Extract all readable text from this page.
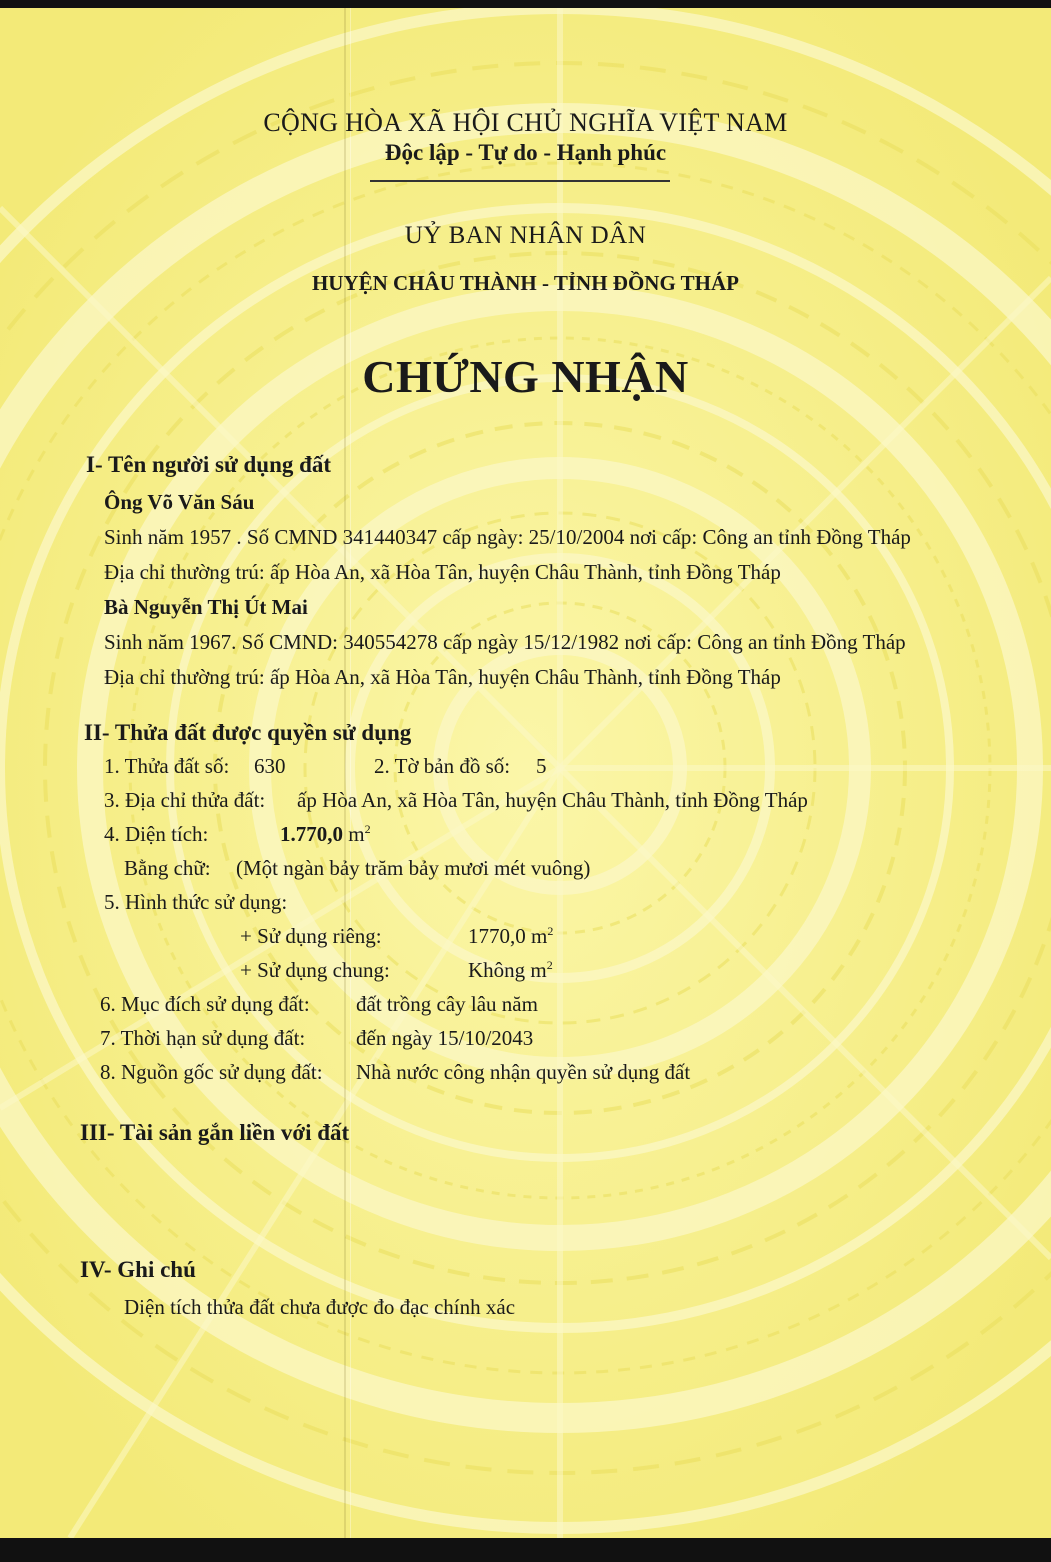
CỘNG HÒA XÃ HỘI CHỦ NGHĨA VIỆT NAM

Độc lập - Tự do - Hạnh phúc

UỶ BAN NHÂN DÂN

HUYỆN CHÂU THÀNH - TỈNH ĐỒNG THÁP

CHỨNG NHẬN

I- Tên người sử dụng đất

Ông Võ Văn Sáu

Sinh năm 1957 . Số CMND 341440347 cấp ngày: 25/10/2004 nơi cấp: Công an tỉnh Đồng Tháp

Địa chỉ thường trú: ấp Hòa An, xã Hòa Tân, huyện Châu Thành, tỉnh Đồng Tháp

Bà Nguyễn Thị Út Mai

Sinh năm 1967. Số CMND: 340554278 cấp ngày 15/12/1982 nơi cấp: Công an tỉnh Đồng Tháp

Địa chỉ thường trú: ấp Hòa An, xã Hòa Tân, huyện Châu Thành, tỉnh Đồng Tháp

II- Thửa đất được quyền sử dụng

1. Thửa đất số: 630	2. Tờ bản đồ số: 5

3. Địa chỉ thửa đất: ấp Hòa An, xã Hòa Tân, huyện Châu Thành, tỉnh Đồng Tháp

4. Diện tích:	1.770,0 $m^2$

Bằng chữ: (Một ngàn bảy trăm bảy mươi mét vuông)

5. Hình thức sử dụng:

+ Sử dụng riêng:	1770,0 $m^2$

+ Sử dụng chung:	Không $m^2$

6. Mục đích sử dụng đất: đất trồng cây lâu năm

7. Thời hạn sử dụng đất: đến ngày 15/10/2043

8. Nguồn gốc sử dụng đất: Nhà nước công nhận quyền sử dụng đất

III- Tài sản gắn liền với đất

IV- Ghi chú

Diện tích thửa đất chưa được đo đạc chính xác
